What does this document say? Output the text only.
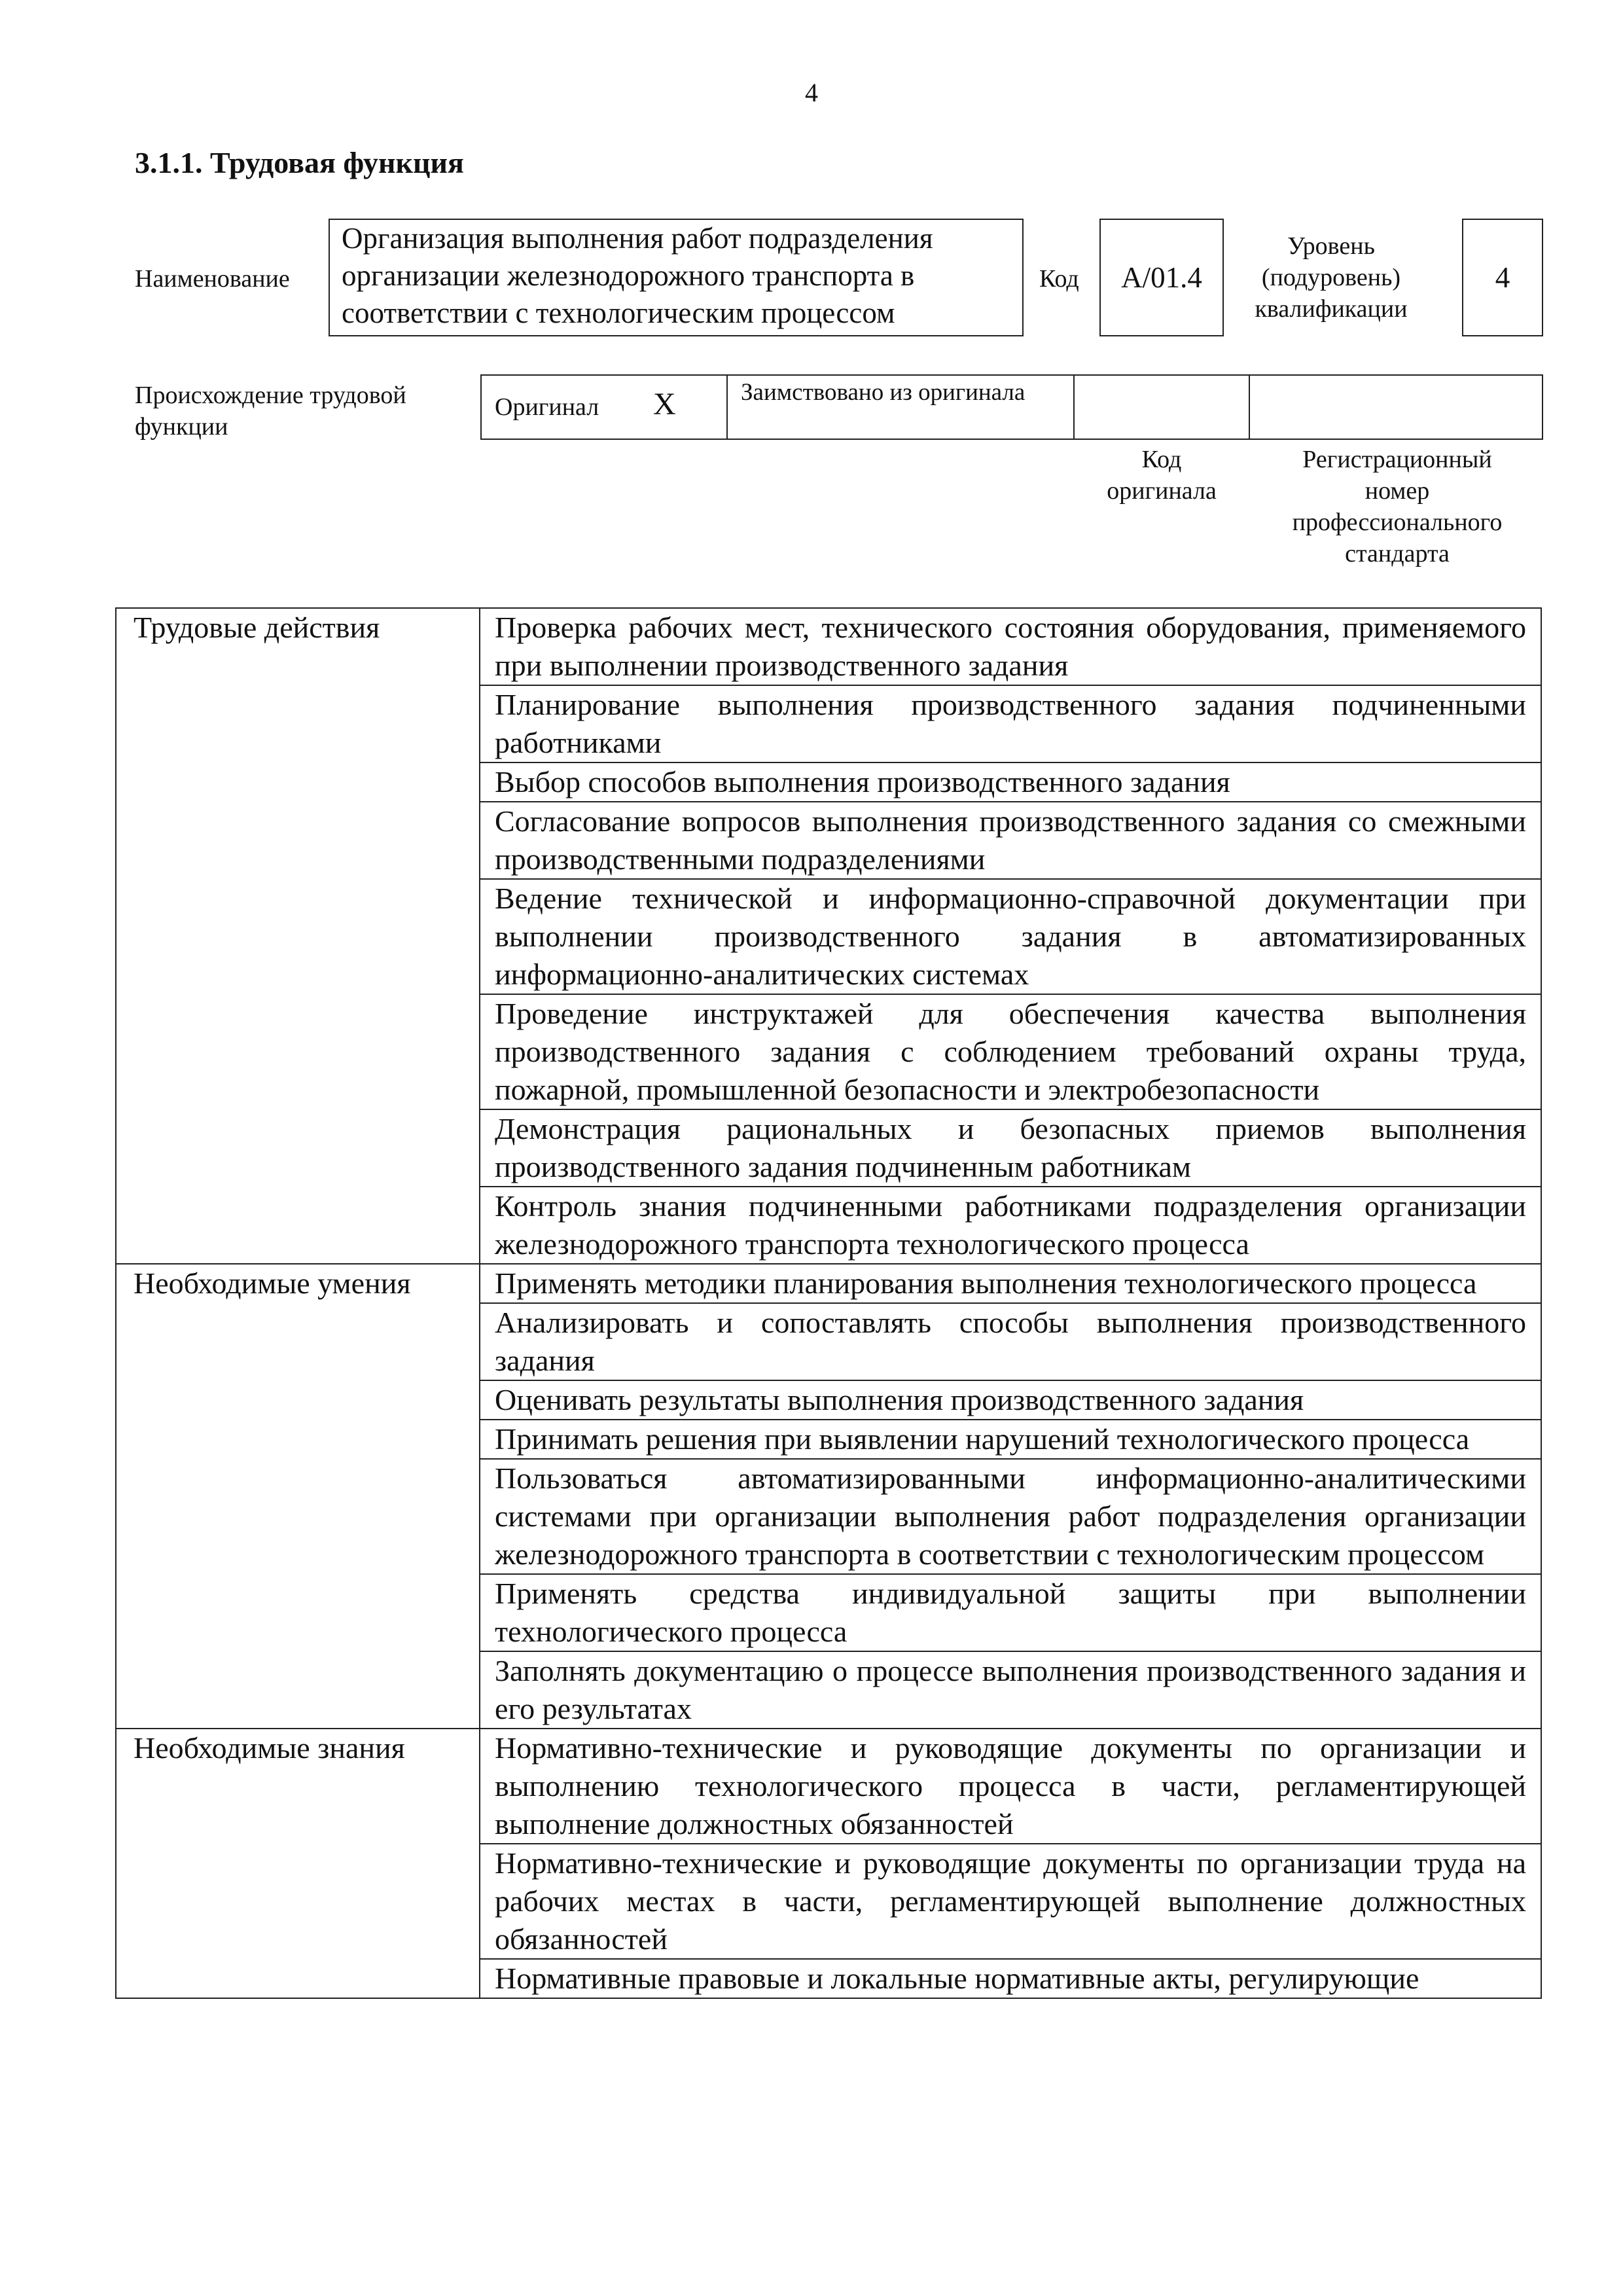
4
3.1.1. Трудовая функция
Наименование
Организация выполнения работ подразделения организации железнодорожного транспорта в соответствии с технологическим процессом
Код А/01.4
Уровень (подуровень) квалификации
4
Происхождение трудовой функции
Оригинал X	Заимствовано из оригинала
Код оригинала
Регистрационный номер профессионального стандарта
Трудовые действия	Проверка рабочих мест, технического состояния оборудования, применяемого при выполнении производственного задания
	Планирование выполнения производственного задания подчиненными работниками
	Выбор способов выполнения производственного задания
	Согласование вопросов выполнения производственного задания со смежными производственными подразделениями
	Ведение технической и информационно-справочной документации при выполнении производственного задания в автоматизированных информационно-аналитических системах
	Проведение инструктажей для обеспечения качества выполнения производственного задания с соблюдением требований охраны труда, пожарной, промышленной безопасности и электробезопасности
	Демонстрация рациональных и безопасных приемов выполнения производственного задания подчиненным работникам
	Контроль знания подчиненными работниками подразделения организации железнодорожного транспорта технологического процесса
Необходимые умения	Применять методики планирования выполнения технологического процесса
	Анализировать и сопоставлять способы выполнения производственного задания
	Оценивать результаты выполнения производственного задания
	Принимать решения при выявлении нарушений технологического процесса
	Пользоваться автоматизированными информационно-аналитическими системами при организации выполнения работ подразделения организации железнодорожного транспорта в соответствии с технологическим процессом
	Применять средства индивидуальной защиты при выполнении технологического процесса
	Заполнять документацию о процессе выполнения производственного задания и его результатах
Необходимые знания	Нормативно-технические и руководящие документы по организации и выполнению технологического процесса в части, регламентирующей выполнение должностных обязанностей
	Нормативно-технические и руководящие документы по организации труда на рабочих местах в части, регламентирующей выполнение должностных обязанностей
	Нормативные правовые и локальные нормативные акты, регулирующие
